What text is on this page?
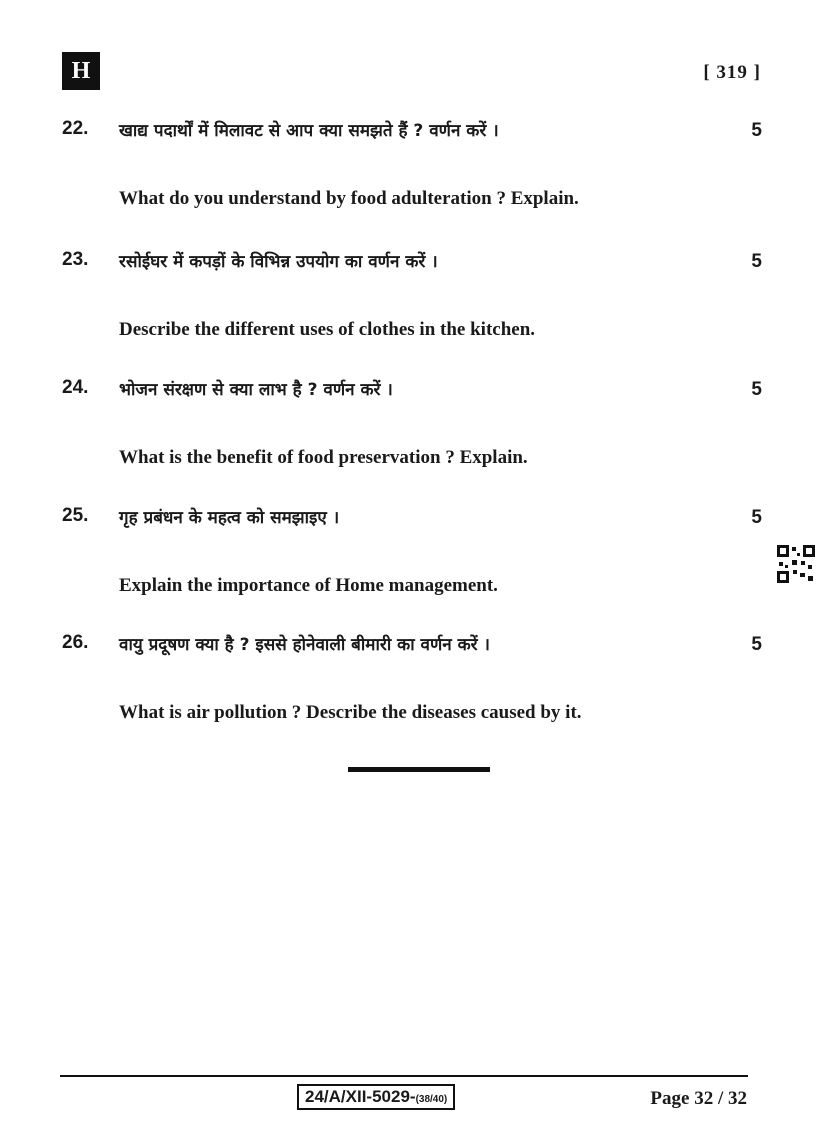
H	[ 319 ]
22. खाद्य पदार्थों में मिलावट से आप क्या समझते हैं ? वर्णन करें ।	5
What do you understand by food adulteration ? Explain.
23. रसोईघर में कपड़ों के विभिन्न उपयोग का वर्णन करें ।	5
Describe the different uses of clothes in the kitchen.
24. भोजन संरक्षण से क्या लाभ है ? वर्णन करें ।	5
What is the benefit of food preservation ? Explain.
25. गृह प्रबंधन के महत्व को समझाइए ।	5
Explain the importance of Home management.
26. वायु प्रदूषण क्या है ? इससे होनेवाली बीमारी का वर्णन करें ।	5
What is air pollution ? Describe the diseases caused by it.
24/A/XII-5029-(38/40)	Page 32 / 32
